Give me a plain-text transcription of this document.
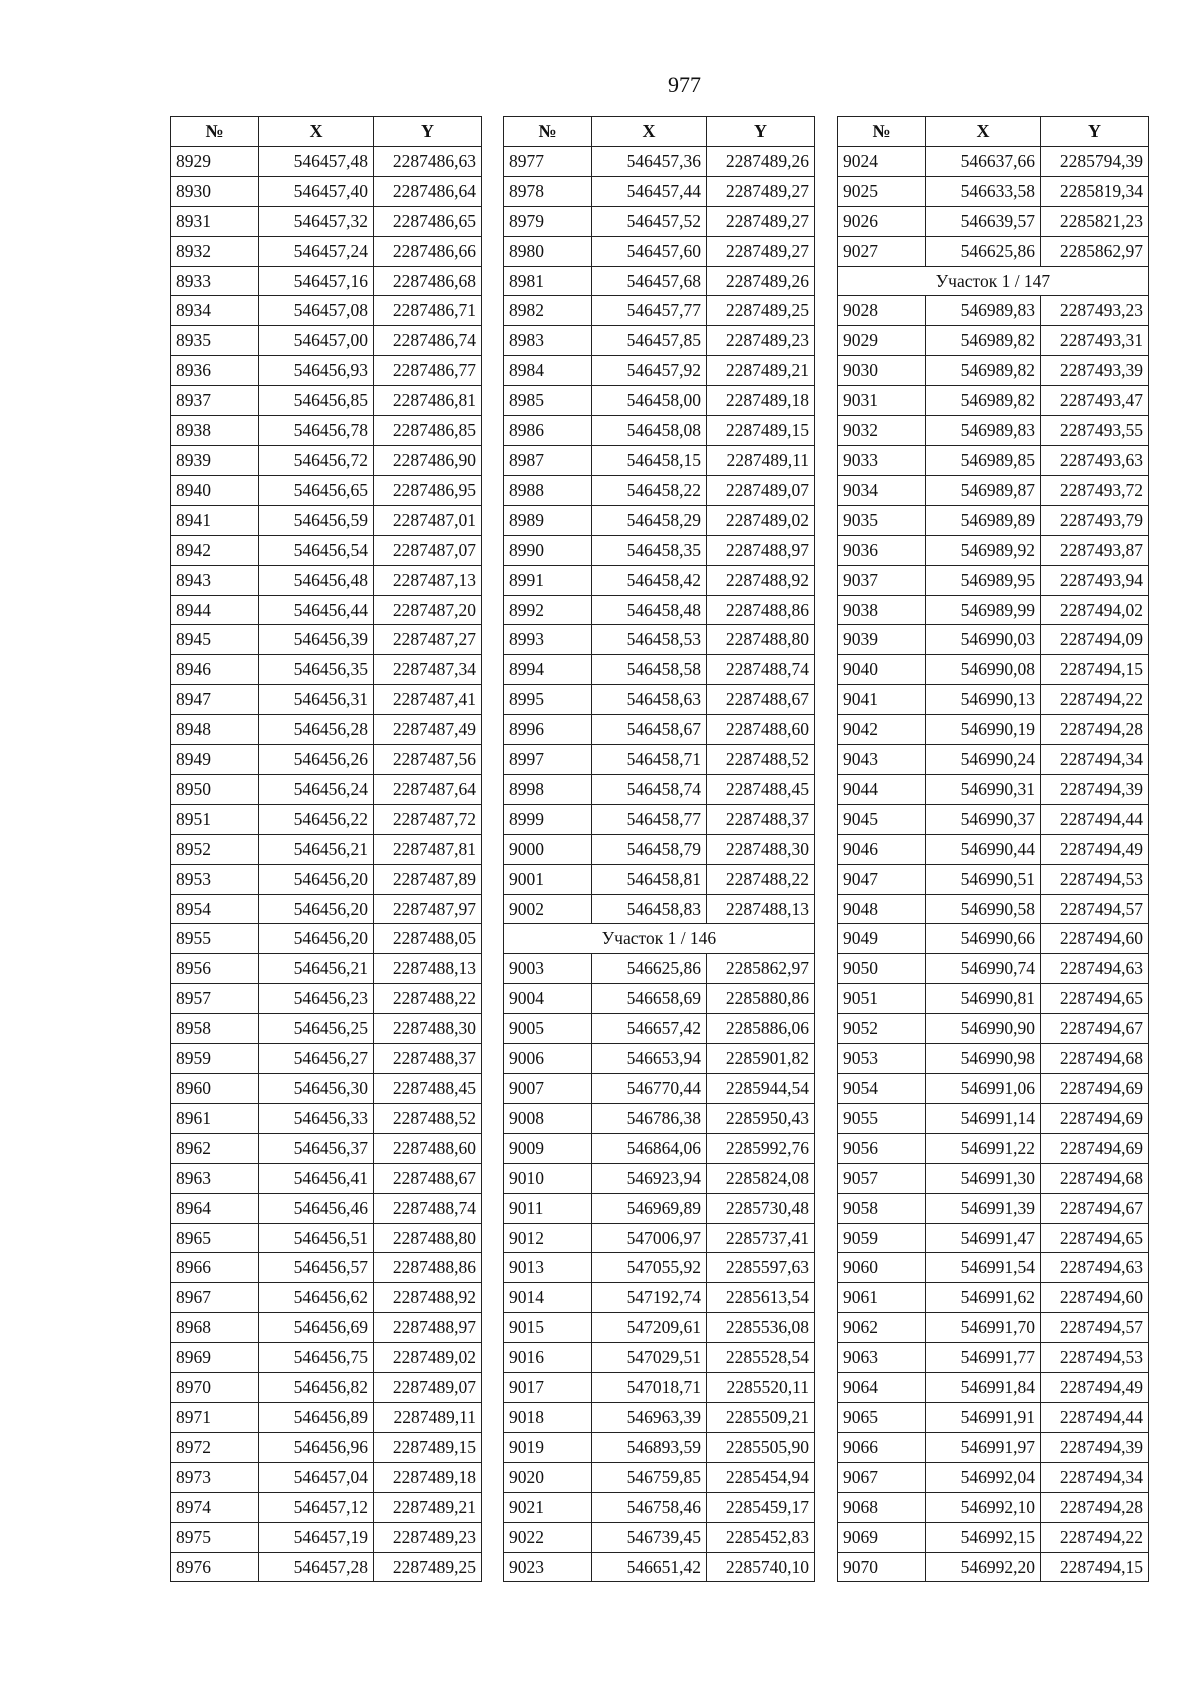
977
№	X	Y
8929	546457,48	2287486,63
8930	546457,40	2287486,64
8931	546457,32	2287486,65
8932	546457,24	2287486,66
8933	546457,16	2287486,68
8934	546457,08	2287486,71
8935	546457,00	2287486,74
8936	546456,93	2287486,77
8937	546456,85	2287486,81
8938	546456,78	2287486,85
8939	546456,72	2287486,90
8940	546456,65	2287486,95
8941	546456,59	2287487,01
8942	546456,54	2287487,07
8943	546456,48	2287487,13
8944	546456,44	2287487,20
8945	546456,39	2287487,27
8946	546456,35	2287487,34
8947	546456,31	2287487,41
8948	546456,28	2287487,49
8949	546456,26	2287487,56
8950	546456,24	2287487,64
8951	546456,22	2287487,72
8952	546456,21	2287487,81
8953	546456,20	2287487,89
8954	546456,20	2287487,97
8955	546456,20	2287488,05
8956	546456,21	2287488,13
8957	546456,23	2287488,22
8958	546456,25	2287488,30
8959	546456,27	2287488,37
8960	546456,30	2287488,45
8961	546456,33	2287488,52
8962	546456,37	2287488,60
8963	546456,41	2287488,67
8964	546456,46	2287488,74
8965	546456,51	2287488,80
8966	546456,57	2287488,86
8967	546456,62	2287488,92
8968	546456,69	2287488,97
8969	546456,75	2287489,02
8970	546456,82	2287489,07
8971	546456,89	2287489,11
8972	546456,96	2287489,15
8973	546457,04	2287489,18
8974	546457,12	2287489,21
8975	546457,19	2287489,23
8976	546457,28	2287489,25
№	X	Y
8977	546457,36	2287489,26
8978	546457,44	2287489,27
8979	546457,52	2287489,27
8980	546457,60	2287489,27
8981	546457,68	2287489,26
8982	546457,77	2287489,25
8983	546457,85	2287489,23
8984	546457,92	2287489,21
8985	546458,00	2287489,18
8986	546458,08	2287489,15
8987	546458,15	2287489,11
8988	546458,22	2287489,07
8989	546458,29	2287489,02
8990	546458,35	2287488,97
8991	546458,42	2287488,92
8992	546458,48	2287488,86
8993	546458,53	2287488,80
8994	546458,58	2287488,74
8995	546458,63	2287488,67
8996	546458,67	2287488,60
8997	546458,71	2287488,52
8998	546458,74	2287488,45
8999	546458,77	2287488,37
9000	546458,79	2287488,30
9001	546458,81	2287488,22
9002	546458,83	2287488,13
Участок 1 / 146		
9003	546625,86	2285862,97
9004	546658,69	2285880,86
9005	546657,42	2285886,06
9006	546653,94	2285901,82
9007	546770,44	2285944,54
9008	546786,38	2285950,43
9009	546864,06	2285992,76
9010	546923,94	2285824,08
9011	546969,89	2285730,48
9012	547006,97	2285737,41
9013	547055,92	2285597,63
9014	547192,74	2285613,54
9015	547209,61	2285536,08
9016	547029,51	2285528,54
9017	547018,71	2285520,11
9018	546963,39	2285509,21
9019	546893,59	2285505,90
9020	546759,85	2285454,94
9021	546758,46	2285459,17
9022	546739,45	2285452,83
9023	546651,42	2285740,10
№	X	Y
9024	546637,66	2285794,39
9025	546633,58	2285819,34
9026	546639,57	2285821,23
9027	546625,86	2285862,97
Участок 1 / 147		
9028	546989,83	2287493,23
9029	546989,82	2287493,31
9030	546989,82	2287493,39
9031	546989,82	2287493,47
9032	546989,83	2287493,55
9033	546989,85	2287493,63
9034	546989,87	2287493,72
9035	546989,89	2287493,79
9036	546989,92	2287493,87
9037	546989,95	2287493,94
9038	546989,99	2287494,02
9039	546990,03	2287494,09
9040	546990,08	2287494,15
9041	546990,13	2287494,22
9042	546990,19	2287494,28
9043	546990,24	2287494,34
9044	546990,31	2287494,39
9045	546990,37	2287494,44
9046	546990,44	2287494,49
9047	546990,51	2287494,53
9048	546990,58	2287494,57
9049	546990,66	2287494,60
9050	546990,74	2287494,63
9051	546990,81	2287494,65
9052	546990,90	2287494,67
9053	546990,98	2287494,68
9054	546991,06	2287494,69
9055	546991,14	2287494,69
9056	546991,22	2287494,69
9057	546991,30	2287494,68
9058	546991,39	2287494,67
9059	546991,47	2287494,65
9060	546991,54	2287494,63
9061	546991,62	2287494,60
9062	546991,70	2287494,57
9063	546991,77	2287494,53
9064	546991,84	2287494,49
9065	546991,91	2287494,44
9066	546991,97	2287494,39
9067	546992,04	2287494,34
9068	546992,10	2287494,28
9069	546992,15	2287494,22
9070	546992,20	2287494,15
